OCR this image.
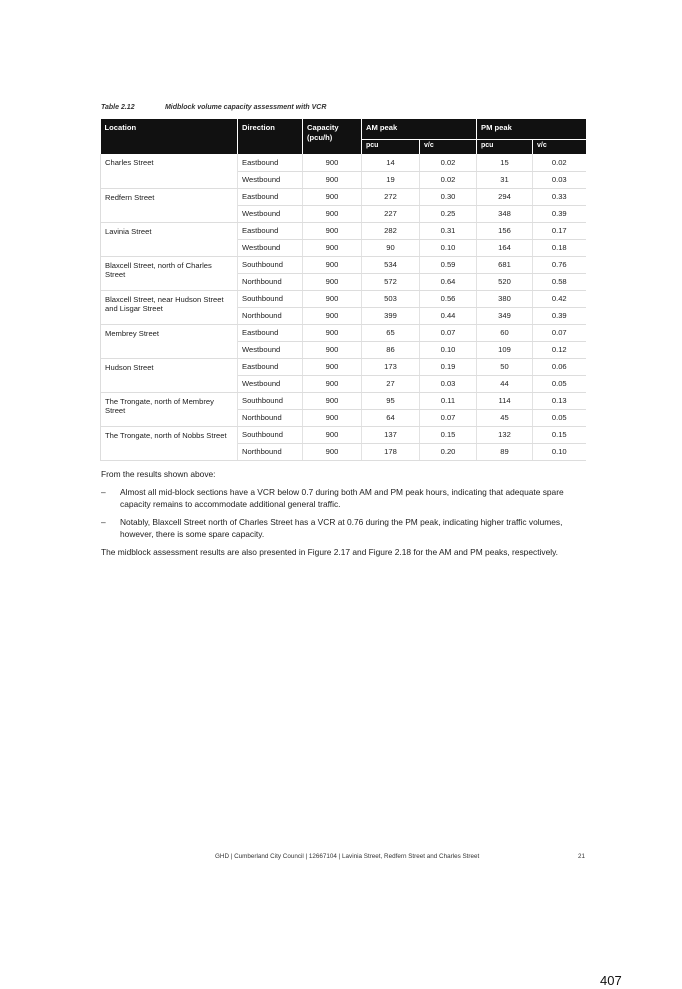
Table 2.12	Midblock volume capacity assessment with VCR
Location	Direction	Capacity (pcu/h)	AM peak		PM peak	
			pcu	v/c	pcu	v/c
Charles Street	Eastbound	900	14	0.02	15	0.02
	Westbound	900	19	0.02	31	0.03
Redfern Street	Eastbound	900	272	0.30	294	0.33
	Westbound	900	227	0.25	348	0.39
Lavinia Street	Eastbound	900	282	0.31	156	0.17
	Westbound	900	90	0.10	164	0.18
Blaxcell Street, north of Charles Street	Southbound	900	534	0.59	681	0.76
	Northbound	900	572	0.64	520	0.58
Blaxcell Street, near Hudson Street and Lisgar Street	Southbound	900	503	0.56	380	0.42
	Northbound	900	399	0.44	349	0.39
Membrey Street	Eastbound	900	65	0.07	60	0.07
	Westbound	900	86	0.10	109	0.12
Hudson Street	Eastbound	900	173	0.19	50	0.06
	Westbound	900	27	0.03	44	0.05
The Trongate, north of Membrey Street	Southbound	900	95	0.11	114	0.13
	Northbound	900	64	0.07	45	0.05
The Trongate, north of Nobbs Street	Southbound	900	137	0.15	132	0.15
	Northbound	900	178	0.20	89	0.10

From the results shown above:

– Almost all mid-block sections have a VCR below 0.7 during both AM and PM peak hours, indicating that adequate spare capacity remains to accommodate additional general traffic.
– Notably, Blaxcell Street north of Charles Street has a VCR at 0.76 during the PM peak, indicating higher traffic volumes, however, there is some spare capacity.

The midblock assessment results are also presented in Figure 2.17 and Figure 2.18 for the AM and PM peaks, respectively.

GHD | Cumberland City Council | 12667104 | Lavinia Street, Redfern Street and Charles Street	21
407
